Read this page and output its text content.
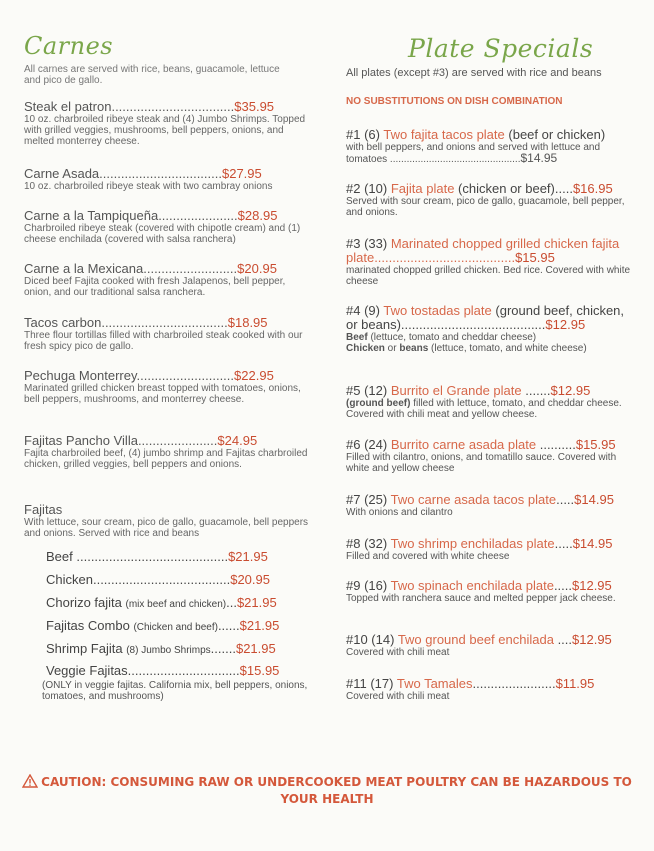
Carnes
All carnes are served with rice, beans, guacamole, lettuce and pico de gallo.
Steak el patron..................................$35.95
10 oz. charbroiled ribeye steak and (4) Jumbo Shrimps. Topped with grilled veggies, mushrooms, bell peppers, onions, and melted monterrey cheese.
Carne Asada..................................$27.95
10 oz. charbroiled ribeye steak with two cambray onions
Carne a la Tampiqueña......................$28.95
Charbroiled ribeye steak (covered with chipotle cream) and (1) cheese enchilada (covered with salsa ranchera)
Carne a la Mexicana..........................$20.95
Diced beef Fajita cooked with fresh Jalapenos, bell pepper, onion, and our traditional salsa ranchera.
Tacos carbon...................................$18.95
Three flour tortillas filled with charbroiled steak cooked with our fresh spicy pico de gallo.
Pechuga Monterrey...........................$22.95
Marinated grilled chicken breast topped with tomatoes, onions, bell peppers, mushrooms, and monterrey cheese.
Fajitas Pancho Villa......................$24.95
Fajita charbroiled beef, (4) jumbo shrimp and Fajitas charbroiled chicken, grilled veggies, bell peppers and onions.
Fajitas
With lettuce, sour cream, pico de gallo, guacamole, bell peppers and onions. Served with rice and beans
Beef ..........................................$21.95
Chicken......................................$20.95
Chorizo fajita (mix beef and chicken)...$21.95
Fajitas Combo (Chicken and beef)......$21.95
Shrimp Fajita (8) Jumbo Shrimps.......$21.95
Veggie Fajitas...............................$15.95
(ONLY in veggie fajitas. California mix, bell peppers, onions, tomatoes, and mushrooms)
Plate Specials
All plates (except #3) are served with rice and beans
NO SUBSTITUTIONS ON DISH COMBINATION
#1 (6) Two fajita tacos plate (beef or chicken)
with bell peppers, and onions and served with lettuce and tomatoes ...............................................$14.95
#2 (10) Fajita plate (chicken or beef).....$16.95
Served with sour cream, pico de gallo, guacamole, bell pepper, and onions.
#3 (33) Marinated chopped grilled chicken fajita plate.......................................$15.95
marinated chopped grilled chicken. Bed rice. Covered with white cheese
#4 (9) Two tostadas plate (ground beef, chicken, or beans)........................................$12.95
Beef (lettuce, tomato and cheddar cheese)
Chicken or beans (lettuce, tomato, and white cheese)
#5 (12) Burrito el Grande plate .......$12.95
(ground beef) filled with lettuce, tomato, and cheddar cheese. Covered with chili meat and yellow cheese.
#6 (24) Burrito carne asada plate ..........$15.95
Filled with cilantro, onions, and tomatillo sauce. Covered with white and yellow cheese
#7 (25) Two carne asada tacos plate.....$14.95
With onions and cilantro
#8 (32) Two shrimp enchiladas plate.....$14.95
Filled and covered with white cheese
#9 (16) Two spinach enchilada plate.....$12.95
Topped with ranchera sauce and melted pepper jack cheese.
#10 (14) Two ground beef enchilada ....$12.95
Covered with chili meat
#11 (17) Two Tamales.......................$11.95
Covered with chili meat
CAUTION: CONSUMING RAW OR UNDERCOOKED MEAT POULTRY CAN BE HAZARDOUS TO
YOUR HEALTH
